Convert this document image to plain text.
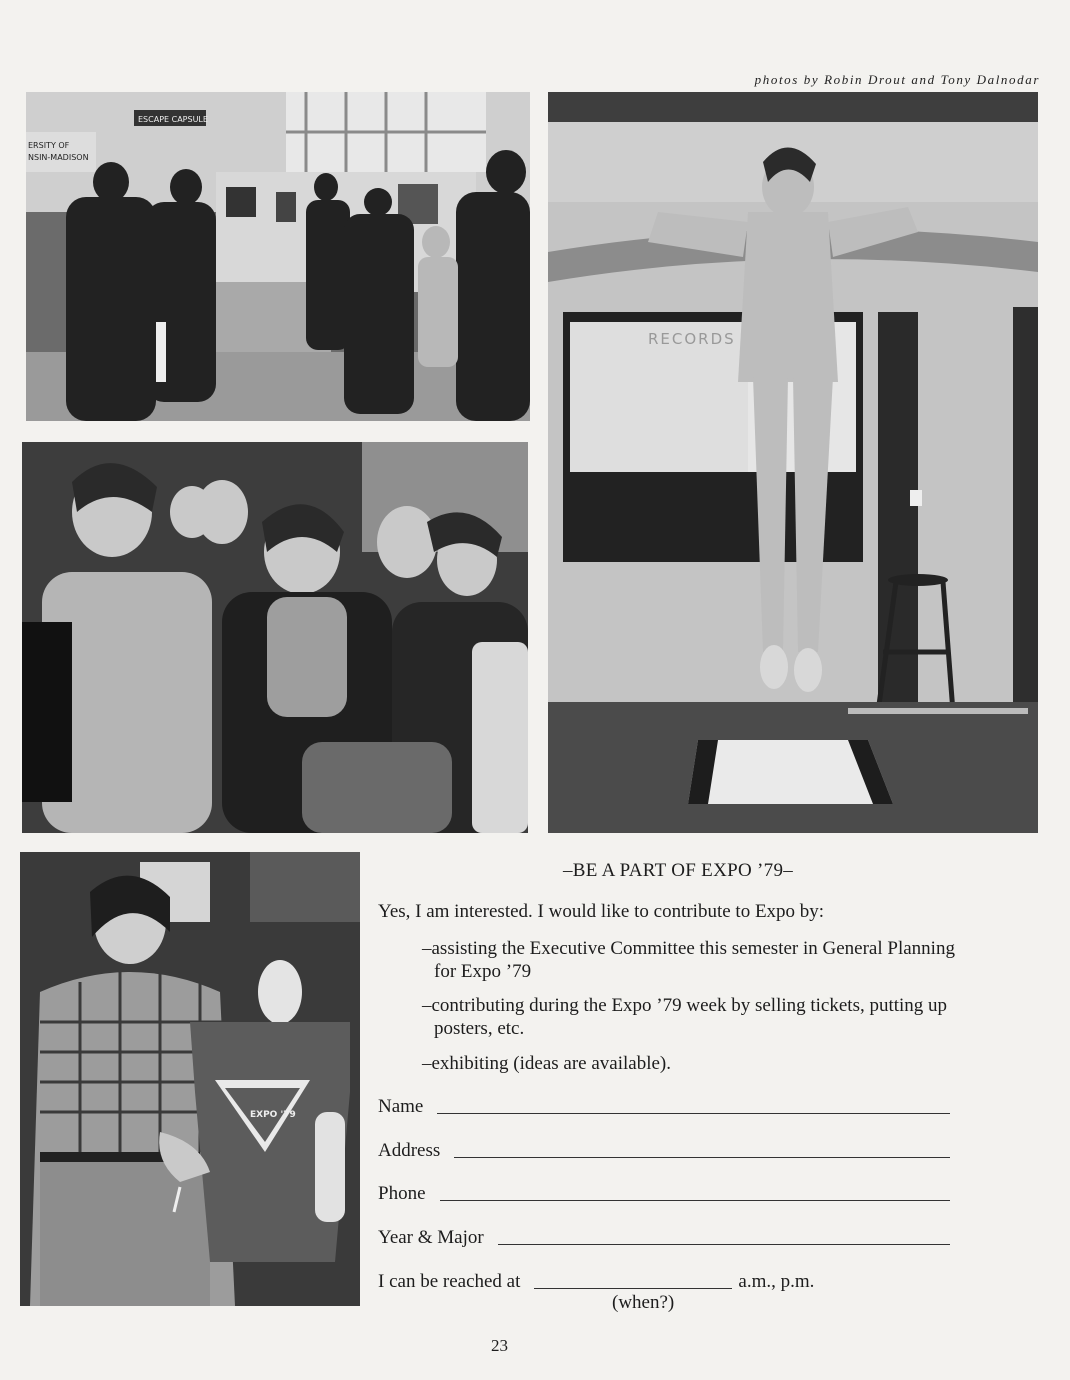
photos by Robin Drout and Tony Dalnodar
ESCAPE CAPSULE
ERSITY OF
NSIN-MADISON
RECORDS
EXPO '79
–BE A PART OF EXPO ’79–
Yes, I am interested. I would like to contribute to Expo by:
–assisting the Executive Committee this semester in General Planning for Expo ’79
–contributing during the Expo ’79 week by selling tickets, putting up posters, etc.
–exhibiting (ideas are available).
Name
Address
Phone
Year & Major
I can be reached at	a.m., p.m.
(when?)
23
